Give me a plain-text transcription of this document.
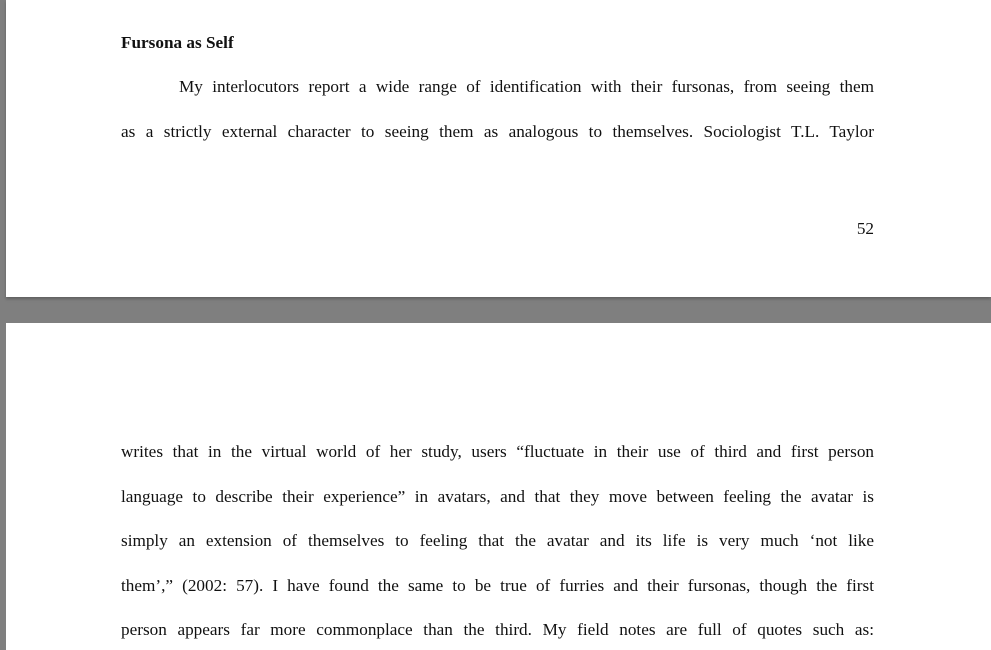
Fursona as Self
My interlocutors report a wide range of identification with their fursonas, from seeing them
as a strictly external character to seeing them as analogous to themselves. Sociologist T.L. Taylor
52
writes that in the virtual world of her study, users “fluctuate in their use of third and first person
language to describe their experience” in avatars, and that they move between feeling the avatar is
simply an extension of themselves to feeling that the avatar and its life is very much ‘not like
them’,” (2002: 57). I have found the same to be true of furries and their fursonas, though the first
person appears far more commonplace than the third. My field notes are full of quotes such as:
